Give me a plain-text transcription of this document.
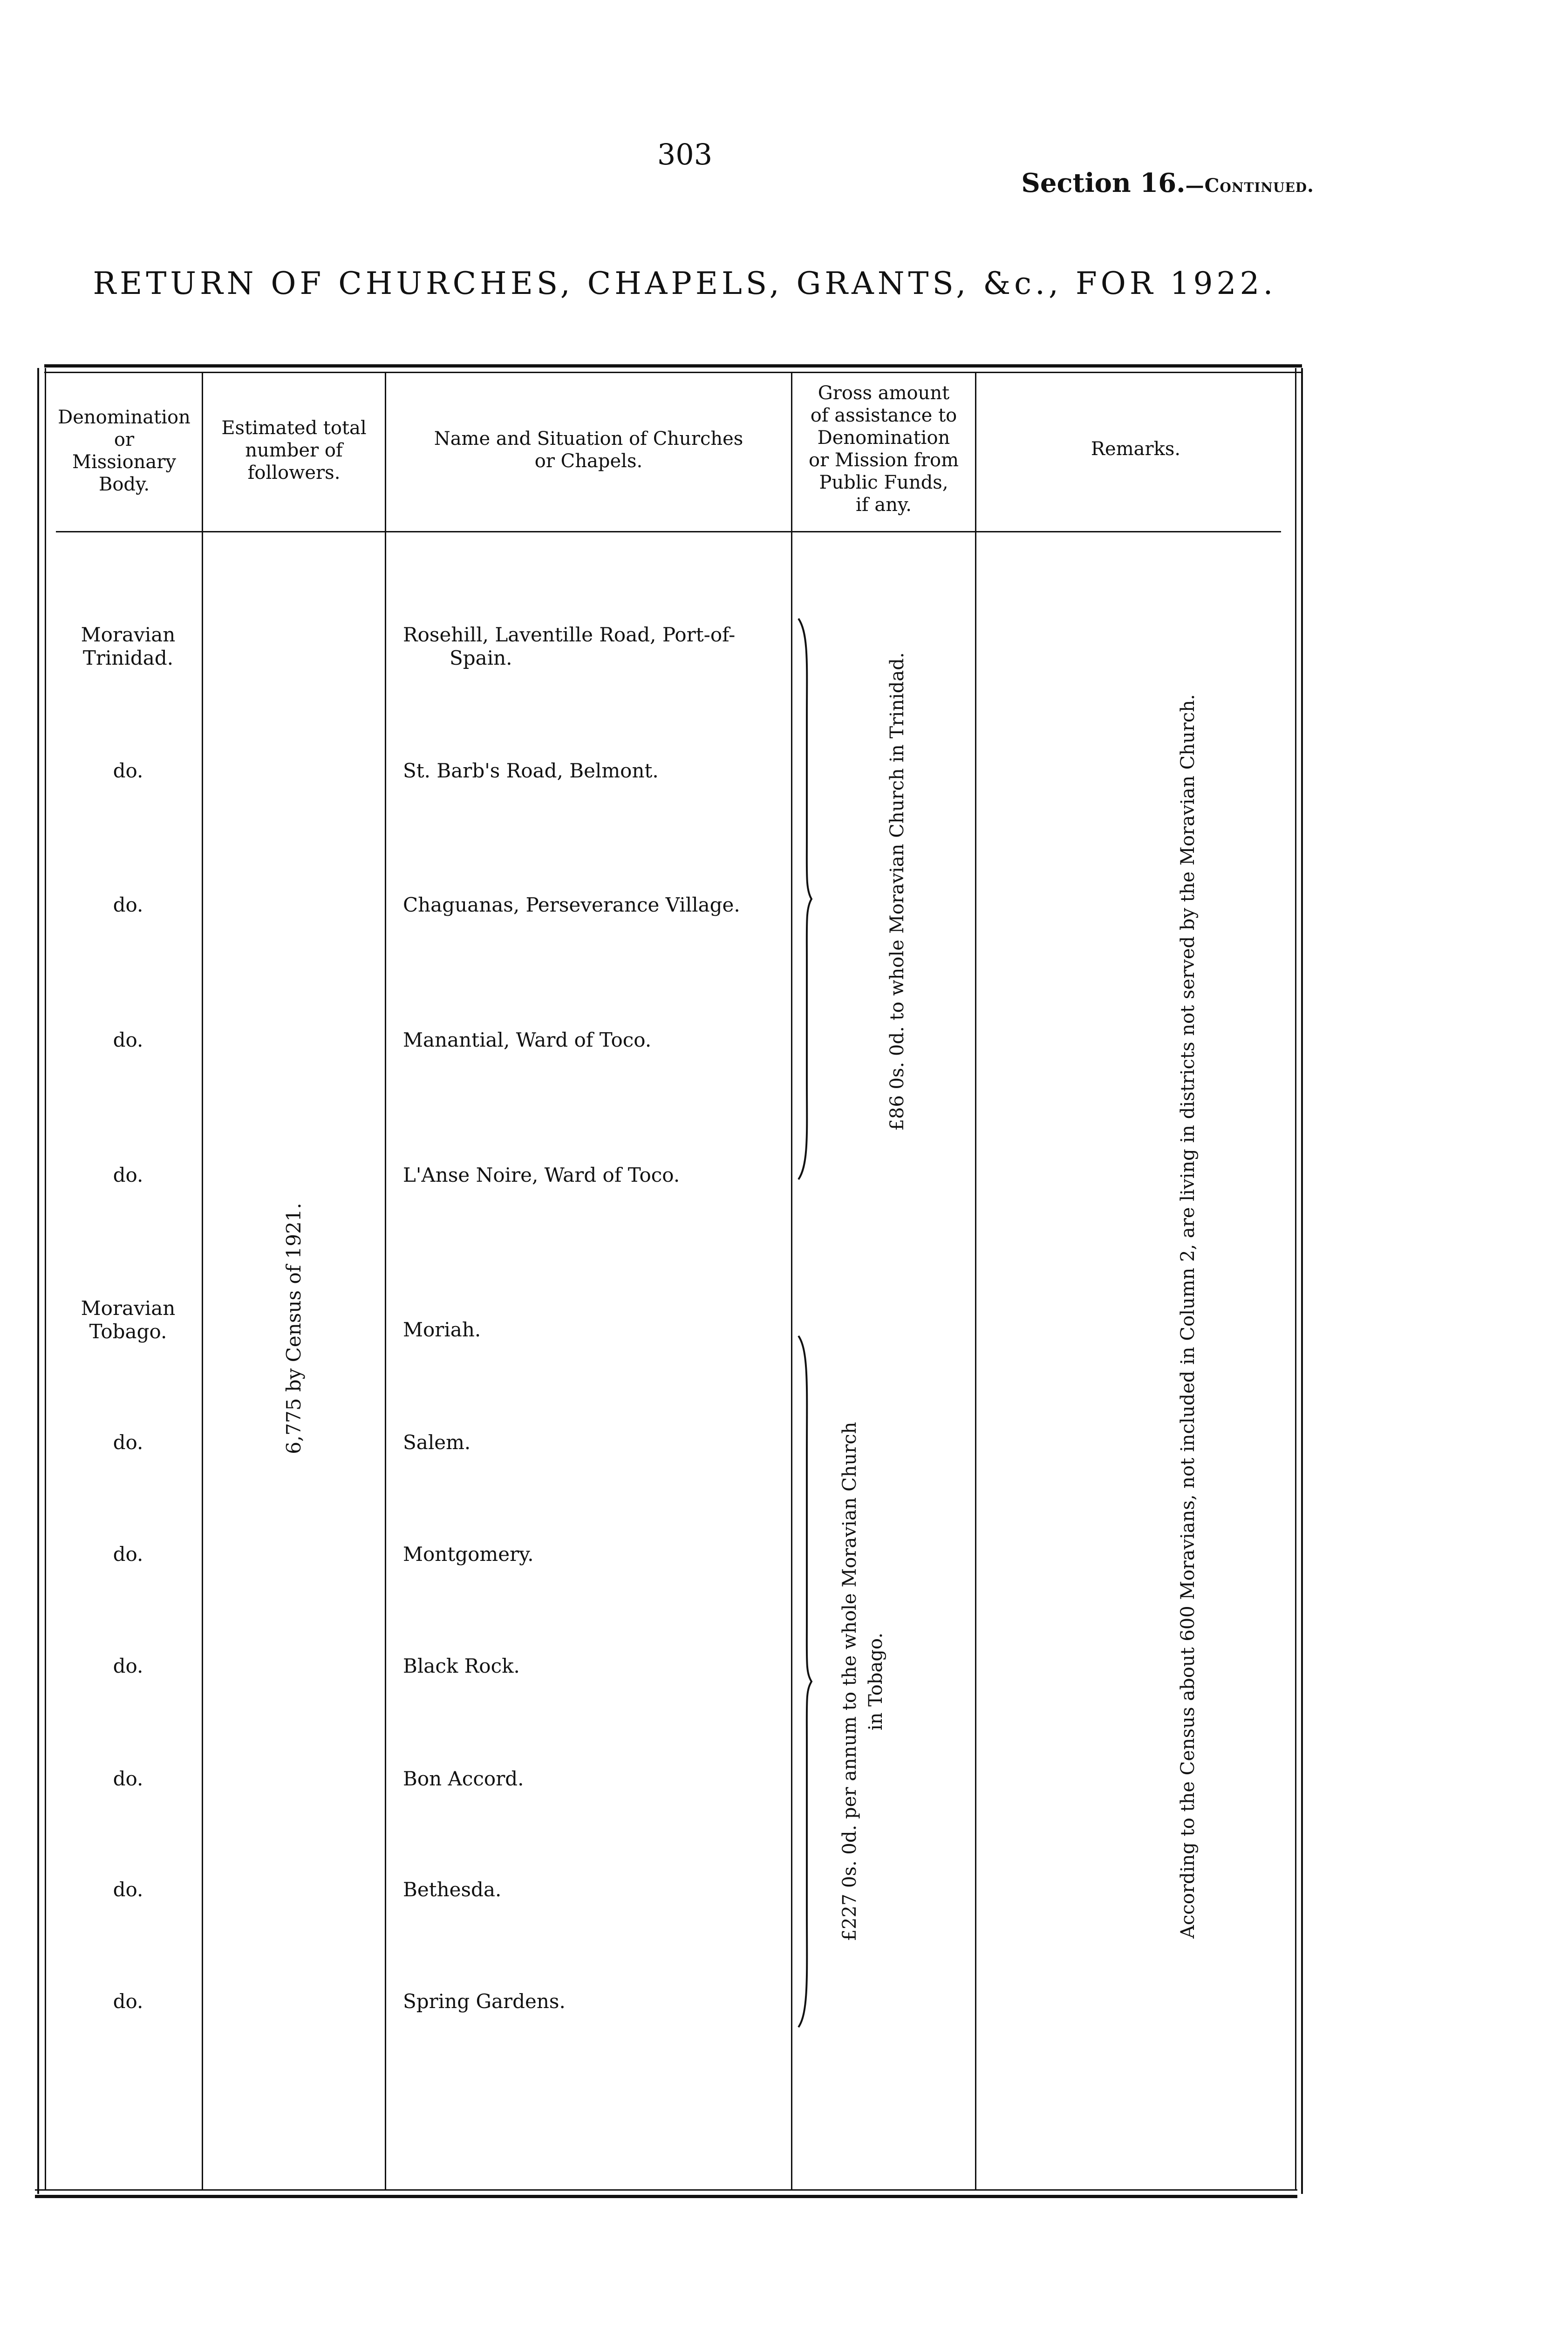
303
Section 16.—Continued.
RETURN OF CHURCHES, CHAPELS, GRANTS, &c., FOR 1922.
Denomination
or
Missionary
Body.
Estimated total
number of
followers.
Name and Situation of Churches
or Chapels.
Gross amount
of assistance to
Denomination
or Mission from
Public Funds,
if any.
Remarks.
Moravian
Trinidad.
do.
do.
do.
do.
Moravian
Tobago.
do.
do.
do.
do.
do.
do.
Rosehill, Laventille Road, Port-of-
Spain.
St. Barb's Road, Belmont.
Chaguanas, Perseverance Village.
Manantial, Ward of Toco.
L'Anse Noire, Ward of Toco.
Moriah.
Salem.
Montgomery.
Black Rock.
Bon Accord.
Bethesda.
Spring Gardens.
6,775 by Census of 1921.
£86 0s. 0d. to whole Moravian Church in Trinidad.
£227 0s. 0d. per annum to the whole Moravian Church in Tobago.	According to the Census about 600 Moravians, not included in Column 2, are living in districts not served by the Moravian Church.
